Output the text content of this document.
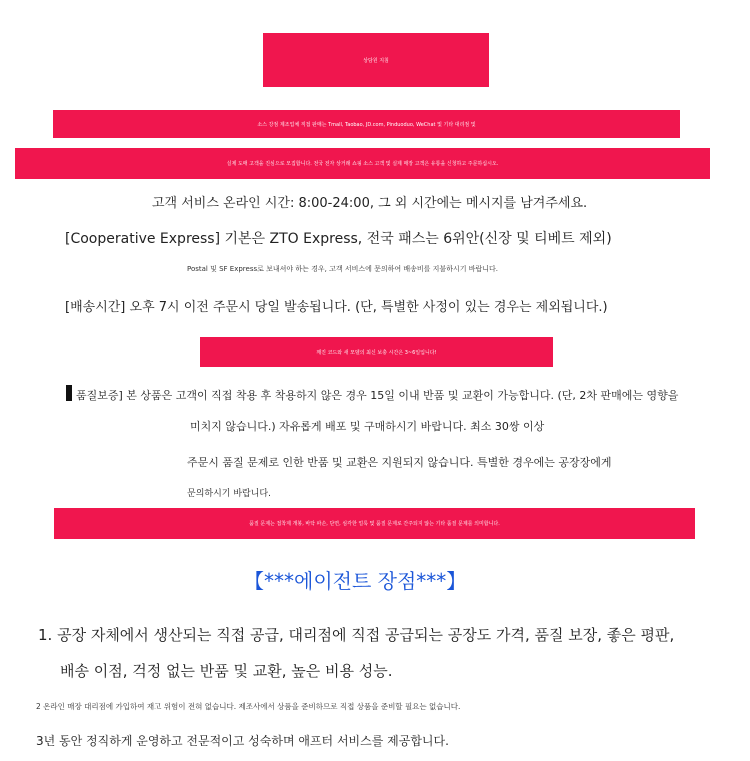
상담원 지침
소스 강점 제조업체 직접 판매는 Tmall, Taobao, JD.com, Pinduoduo, WeChat 및 기타 대리점 및
실제 도매 고객을 진심으로 모집합니다. 전국 전자 상거래 쇼핑 소스 고객 및 실제 매장 고객은 유통을 신청하고 주문하십시오.
고객 서비스 온라인 시간: 8:00-24:00, 그 외 시간에는 메시지를 남겨주세요.
[Cooperative Express] 기본은 ZTO Express, 전국 패스는 6위안(신장 및 티베트 제외)
Postal 및 SF Express로 보내셔야 하는 경우, 고객 서비스에 문의하여 배송비를 지불하시기 바랍니다.
[배송시간] 오후 7시 이전 주문시 당일 발송됩니다. (단, 특별한 사정이 있는 경우는 제외됩니다.)
깨진 코드와 새 모델의 최신 보충 시간은 3~6일입니다!
품질보증] 본 상품은 고객이 직접 착용 후 착용하지 않은 경우 15일 이내 반품 및 교환이 가능합니다. (단, 2차 판매에는 영향을
미치지 않습니다.) 자유롭게 배포 및 구매하시기 바랍니다. 최소 30쌍 이상
주문시 품질 문제로 인한 반품 및 교환은 지원되지 않습니다. 특별한 경우에는 공장장에게
문의하시기 바랍니다.
품질 문제는 접착제 개봉, 바닥 파손, 단면, 심각한 얼룩 및 품질 문제로 간주되지 않는 기타 품질 문제를 의미합니다.
【***에이전트 장점***】
1. 공장 자체에서 생산되는 직접 공급, 대리점에 직접 공급되는 공장도 가격, 품질 보장, 좋은 평판,
배송 이점, 걱정 없는 반품 및 교환, 높은 비용 성능.
2 온라인 매장 대리점에 가입하여 재고 위험이 전혀 없습니다. 제조사에서 상품을 준비하므로 직접 상품을 준비할 필요는 없습니다.
3년 동안 정직하게 운영하고 전문적이고 성숙하며 애프터 서비스를 제공합니다.
